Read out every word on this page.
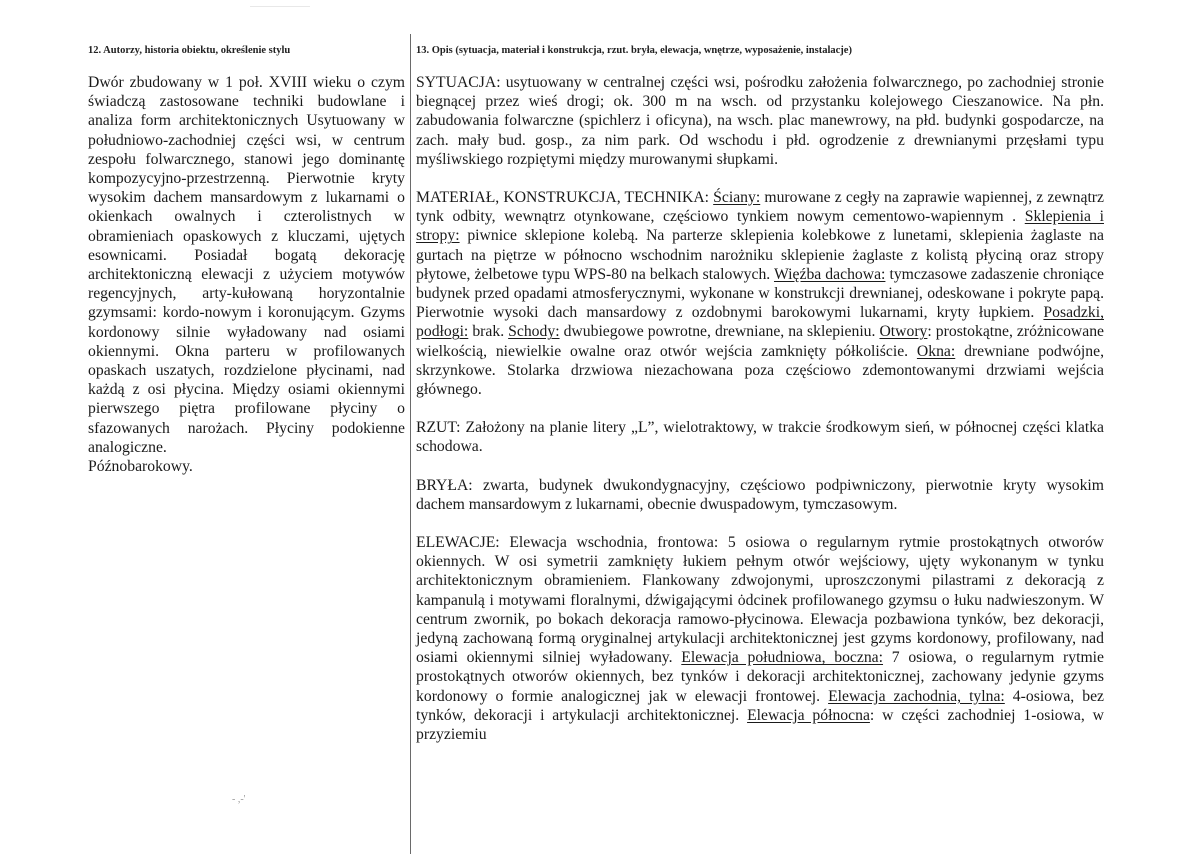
12. Autorzy, historia obiektu, określenie stylu	13. Opis (sytuacja, materiał i konstrukcja, rzut. bryła, elewacja, wnętrze, wyposażenie, instalacje)

Dwór zbudowany w 1 poł. XVIII wieku o czym świadczą zastosowane techniki budowlane i analiza form architektonicznych Usytuowany w południowo-zachodniej części wsi, w centrum zespołu folwarcznego, stanowi jego dominantę kompozycyjno-przestrzenną. Pierwotnie kryty wysokim dachem mansardowym z lukarnami o okienkach owalnych i czterolistnych w obramieniach opaskowych z kluczami, ujętych esownicami. Posiadał bogatą dekorację architektoniczną elewacji z użyciem motywów regencyjnych, arty-kułowaną horyzontalnie gzymsami: kordo-nowym i koronującym. Gzyms kordonowy silnie wyładowany nad osiami okiennymi. Okna parteru w profilowanych opaskach uszatych, rozdzielone płycinami, nad każdą z osi płycina. Między osiami okiennymi pierwszego piętra profilowane płyciny o sfazowanych narożach. Płyciny podokienne analogiczne.

Późnobarokowy.

SYTUACJA: usytuowany w centralnej części wsi, pośrodku założenia folwarcznego, po zachodniej stronie biegnącej przez wieś drogi; ok. 300 m na wsch. od przystanku kolejowego Cieszanowice. Na płn. zabudowania folwarczne (spichlerz i oficyna), na wsch. plac manewrowy, na płd. budynki gospodarcze, na zach. mały bud. gosp., za nim park. Od wschodu i płd. ogrodzenie z drewnianymi przęsłami typu myśliwskiego rozpiętymi między murowanymi słupkami.

MATERIAŁ, KONSTRUKCJA, TECHNIKA: Ściany: murowane z cegły na zaprawie wapiennej, z zewnątrz tynk odbity, wewnątrz otynkowane, częściowo tynkiem nowym cementowo-wapiennym . Sklepienia i stropy: piwnice sklepione kolebą. Na parterze sklepienia kolebkowe z lunetami, sklepienia żaglaste na gurtach na piętrze w północno wschodnim narożniku sklepienie żaglaste z kolistą płyciną oraz stropy płytowe, żelbetowe typu WPS-80 na belkach stalowych. Więźba dachowa: tymczasowe zadaszenie chroniące budynek przed opadami atmosferycznymi, wykonane w konstrukcji drewnianej, odeskowane i pokryte papą. Pierwotnie wysoki dach mansardowy z ozdobnymi barokowymi lukarnami, kryty łupkiem. Posadzki, podłogi: brak. Schody: dwubiegowe powrotne, drewniane, na sklepieniu. Otwory: prostokątne, zróżnicowane wielkością, niewielkie owalne oraz otwór wejścia zamknięty półkoliście. Okna: drewniane podwójne, skrzynkowe. Stolarka drzwiowa niezachowana poza częściowo zdemontowanymi drzwiami wejścia głównego.

RZUT: Założony na planie litery „L”, wielotraktowy, w trakcie środkowym sień, w północnej części klatka schodowa.

BRYŁA: zwarta, budynek dwukondygnacyjny, częściowo podpiwniczony, pierwotnie kryty wysokim dachem mansardowym z lukarnami, obecnie dwuspadowym, tymczasowym.

ELEWACJE: Elewacja wschodnia, frontowa: 5 osiowa o regularnym rytmie prostokątnych otworów okiennych. W osi symetrii zamknięty łukiem pełnym otwór wejściowy, ujęty wykonanym w tynku architektonicznym obramieniem. Flankowany zdwojonymi, uproszczonymi pilastrami z dekoracją z kampanulą i motywami floralnymi, dźwigającymi ȯdcinek profilowanego gzymsu o łuku nadwieszonym. W centrum zwornik, po bokach dekoracja ramowo-płycinowa. Elewacja pozbawiona tynków, bez dekoracji, jedyną zachowaną formą oryginalnej artykulacji architektonicznej jest gzyms kordonowy, profilowany, nad osiami okiennymi silniej wyładowany. Elewacja południowa, boczna: 7 osiowa, o regularnym rytmie prostokątnych otworów okiennych, bez tynków i dekoracji architektonicznej, zachowany jedynie gzyms kordonowy o formie analogicznej jak w elewacji frontowej. Elewacja zachodnia, tylna: 4-osiowa, bez tynków, dekoracji i artykulacji architektonicznej. Elewacja północna: w części zachodniej 1-osiowa, w przyziemiu

- ,-'
